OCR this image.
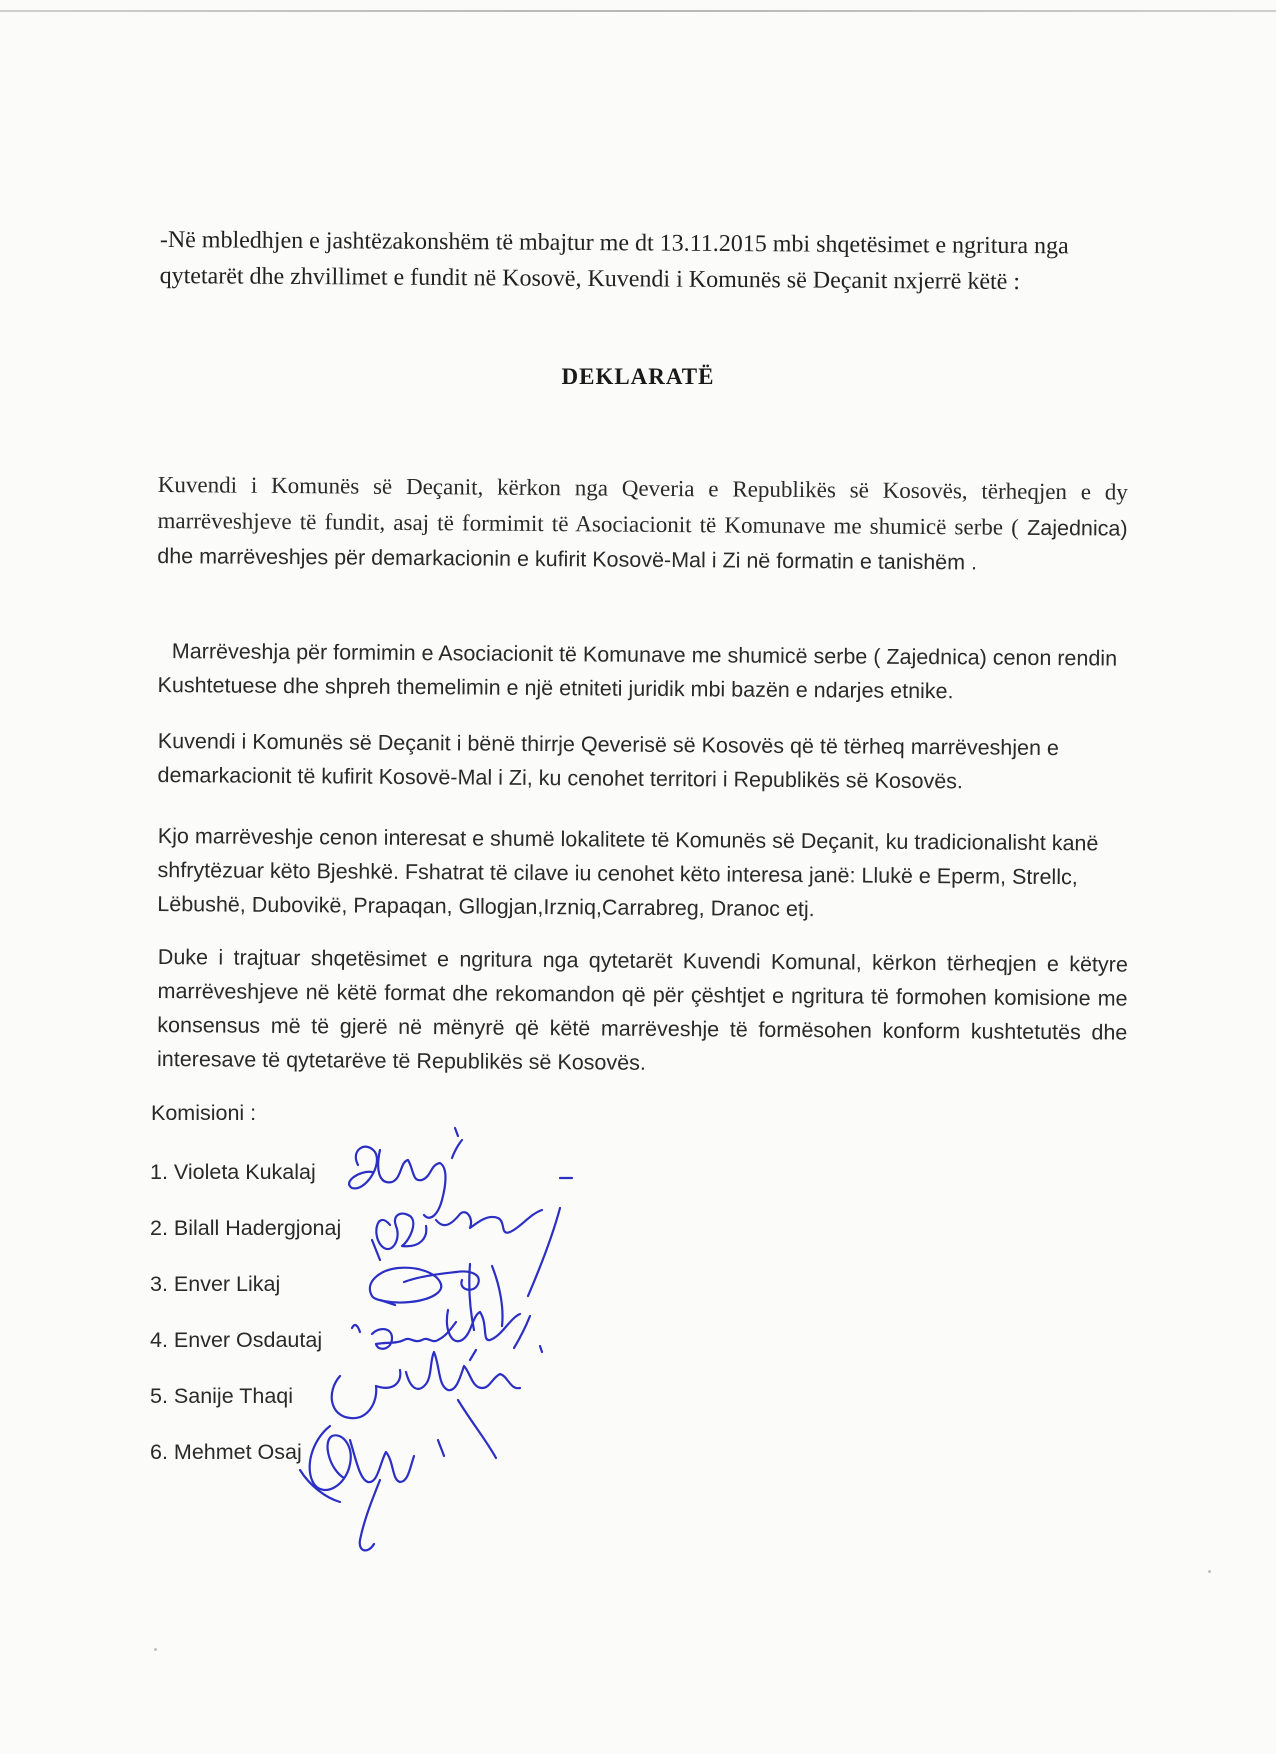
-Në mbledhjen e jashtëzakonshëm të mbajtur me dt 13.11.2015 mbi shqetësimet e ngritura nga qytetarët dhe zhvillimet e fundit në Kosovë, Kuvendi i Komunës së Deçanit nxjerrë këtë :
DEKLARATË
Kuvendi i Komunës së Deçanit, kërkon nga Qeveria e Republikës së Kosovës, tërheqjen e dy marrëveshjeve të fundit, asaj të formimit të Asociacionit të Komunave me shumicë serbe ( Zajednica) dhe marrëveshjes për demarkacionin e kufirit Kosovë-Mal i Zi në formatin e tanishëm .
Marrëveshja për formimin e Asociacionit të Komunave me shumicë serbe ( Zajednica) cenon rendin Kushtetuese dhe shpreh themelimin e një etniteti juridik mbi bazën e ndarjes etnike.
Kuvendi i Komunës së Deçanit i bënë thirrje Qeverisë së Kosovës që të tërheq marrëveshjen e demarkacionit të kufirit Kosovë-Mal i Zi, ku cenohet territori i Republikës së Kosovës.
Kjo marrëveshje cenon interesat e shumë lokalitete të Komunës së Deçanit, ku tradicionalisht kanë shfrytëzuar këto Bjeshkë. Fshatrat të cilave iu cenohet këto interesa janë: Llukë e Eperm, Strellc, Lëbushë, Dubovikë, Prapaqan, Gllogjan,Irzniq,Carrabreg, Dranoc etj.
Duke i trajtuar shqetësimet e ngritura nga qytetarët Kuvendi Komunal, kërkon tërheqjen e këtyre marrëveshjeve në këtë format dhe rekomandon që për çështjet e ngritura të formohen komisione me konsensus më të gjerë në mënyrë që këtë marrëveshje të formësohen konform kushtetutës dhe interesave të qytetarëve të Republikës së Kosovës.
Komisioni :
1. Violeta Kukalaj
2. Bilall Hadergjonaj
3. Enver Likaj
4. Enver Osdautaj
5. Sanije Thaqi
6. Mehmet Osaj
